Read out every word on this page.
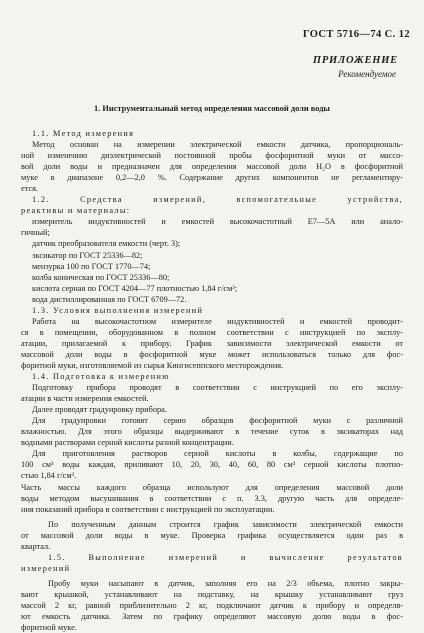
ГОСТ 5716—74 С. 12
ПРИЛОЖЕНИЕ
Рекомендуемое
1. Инструментальный метод определения массовой доли воды
1.1. Метод измерения
Метод основан на измерении электрической емкости датчика, пропорциональ-
ной изменению диэлектрической постоянной пробы фосфоритной муки от массо-
вой доли воды и предназначен для определения массовой доли H₂O в фосфоритной
муке в диапазоне 0,2—2,0 %. Содержание других компонентов не регламентиру-
ется.
1.2. Средства измерений, вспомогательные устройства,
реактивы и материалы:
измеритель индуктивностей и емкостей высокочастотный Е7—5А или анало-
гичный;
датчик преобразователя емкости (черт. 3);
эксикатор по ГОСТ 25336—82;
мензурка 100 по ГОСТ 1770—74;
колба коническая по ГОСТ 25336—80;
кислота серная по ГОСТ 4204—77 плотностью 1,84 г/см³;
вода дистиллированная по ГОСТ 6709—72.
1.3. Условия выполнения измерений
Работа на высокочастотном измерителе индуктивностей и емкостей проводит-
ся в помещении, оборудованном в полном соответствии с инструкцией по эксплу-
атации, прилагаемой к прибору. График зависимости электрической емкости от
массовой доли воды в фосфоритной муке может использоваться только для фос-
форитной муки, изготовляемой из сырья Кингисеппского месторождения.
1.4. Подготовка к измерению
Подготовку прибора проводят в соответствии с инструкцией по его эксплу-
атации в части измерения емкостей.
Далее проводят градуировку прибора.
Для градуировки готовят серию образцов фосфоритной муки с различной
влажностью. Для этого образцы выдерживают в течение суток в эксикаторах над
водными растворами серной кислоты разной концентрации.
Для приготовления растворов серной кислоты в колбы, содержащие по
100 см³ воды каждая, приливают 10, 20, 30, 40, 60, 80 см³ серной кислоты плотно-
стью 1,84 г/см³.
Часть массы каждого образца используют для определения массовой доли
воды методом высушивания в соответствии с п. 3.3, другую часть для определе-
ния показаний прибора в соответствии с инструкцией по эксплуатации.
По полученным данным строится график зависимости электрической емкости
от массовой доли воды в муке. Проверка графика осуществляется один раз в
квартал.
1.5. Выполнение измерений и вычисление результатов
измерений
Пробу муки насыпают в датчик, заполняя его на 2/3 объема, плотно закры-
вают крышкой, устанавливают на подставку, на крышку устанавливают груз
массой 2 кг, равной приблизительно 2 кг, подключают датчик к прибору и определя-
ют емкость датчика. Затем по графику определяют массовую долю воды в фос-
форитной муке.
